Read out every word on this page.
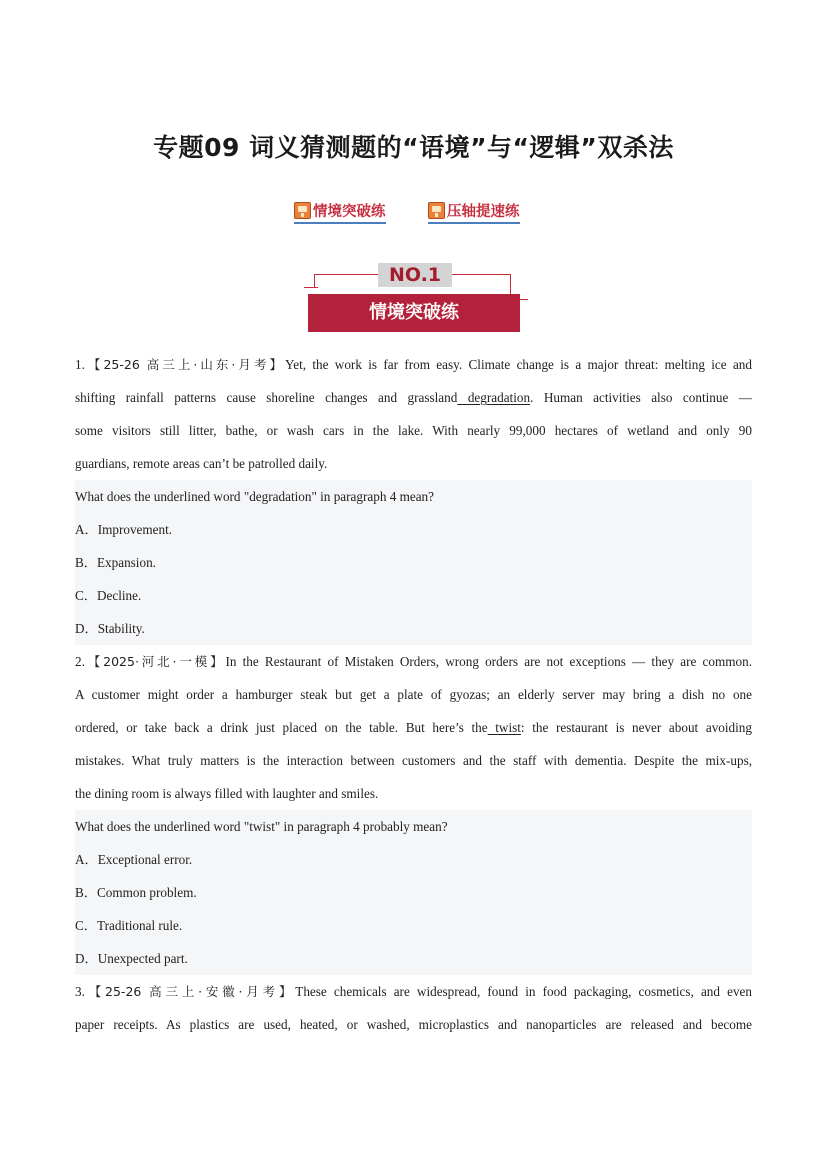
专题09 词义猜测题的“语境”与“逻辑”双杀法
情境突破练	压轴提速练
NO.1
情境突破练
1.【25-26 高三上·山东·月考】Yet, the work is far from easy. Climate change is a major threat: melting ice and
shifting rainfall patterns cause shoreline changes and grassland degradation. Human activities also continue —
some visitors still litter, bathe, or wash cars in the lake. With nearly 99,000 hectares of wetland and only 90
guardians, remote areas can’t be patrolled daily.
What does the underlined word "degradation" in paragraph 4 mean?
A．Improvement.
B．Expansion.
C．Decline.
D．Stability.
2.【2025·河北·一模】In the Restaurant of Mistaken Orders, wrong orders are not exceptions — they are common.
A customer might order a hamburger steak but get a plate of gyozas; an elderly server may bring a dish no one
ordered, or take back a drink just placed on the table. But here’s the twist: the restaurant is never about avoiding
mistakes. What truly matters is the interaction between customers and the staff with dementia. Despite the mix-ups,
the dining room is always filled with laughter and smiles.
What does the underlined word "twist" in paragraph 4 probably mean?
A．Exceptional error.
B．Common problem.
C．Traditional rule.
D．Unexpected part.
3.【25-26 高三上·安徽·月考】These chemicals are widespread, found in food packaging, cosmetics, and even
paper receipts. As plastics are used, heated, or washed, microplastics and nanoparticles are released and become
